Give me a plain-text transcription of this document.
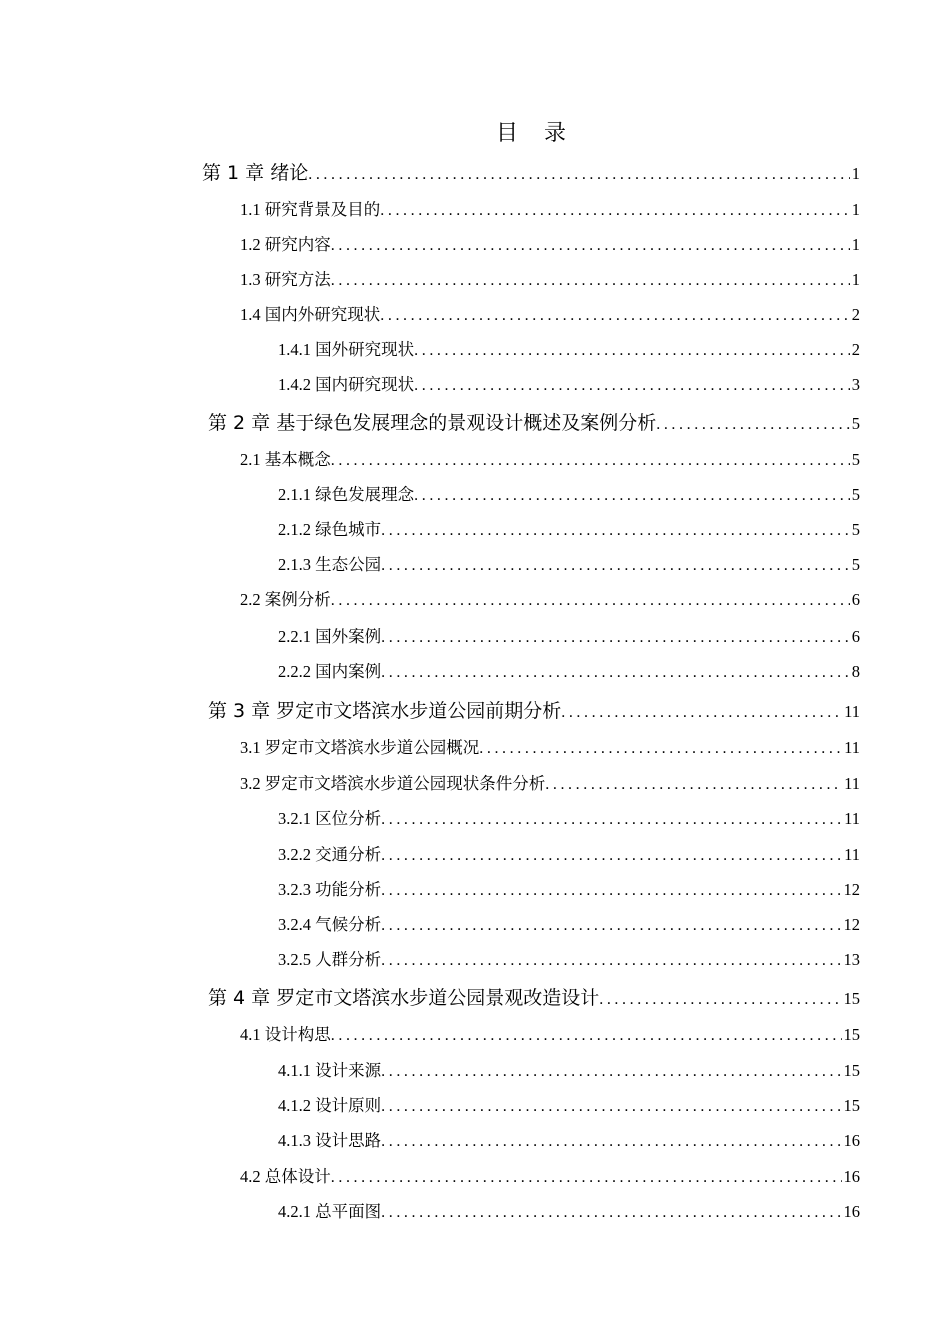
目 录
第 1 章 绪论 .....	1
1.1 研究背景及目的 .....	1
1.2 研究内容 .....	1
1.3 研究方法 .....	1
1.4 国内外研究现状 .....	2
1.4.1 国外研究现状 .....	2
1.4.2 国内研究现状 .....	3
第 2 章 基于绿色发展理念的景观设计概述及案例分析 .....	5
2.1 基本概念 .....	5
2.1.1 绿色发展理念 .....	5
2.1.2 绿色城市 .....	5
2.1.3 生态公园 .....	5
2.2 案例分析 .....	6
2.2.1 国外案例 .....	6
2.2.2 国内案例 .....	8
第 3 章 罗定市文塔滨水步道公园前期分析 .....	11
3.1 罗定市文塔滨水步道公园概况 .....	11
3.2 罗定市文塔滨水步道公园现状条件分析 .....	11
3.2.1 区位分析 .....	11
3.2.2 交通分析 .....	11
3.2.3 功能分析 .....	12
3.2.4 气候分析 .....	12
3.2.5 人群分析 .....	13
第 4 章 罗定市文塔滨水步道公园景观改造设计 .....	15
4.1 设计构思 .....	15
4.1.1 设计来源 .....	15
4.1.2 设计原则 .....	15
4.1.3 设计思路 .....	16
4.2 总体设计 .....	16
4.2.1 总平面图 .....	16
